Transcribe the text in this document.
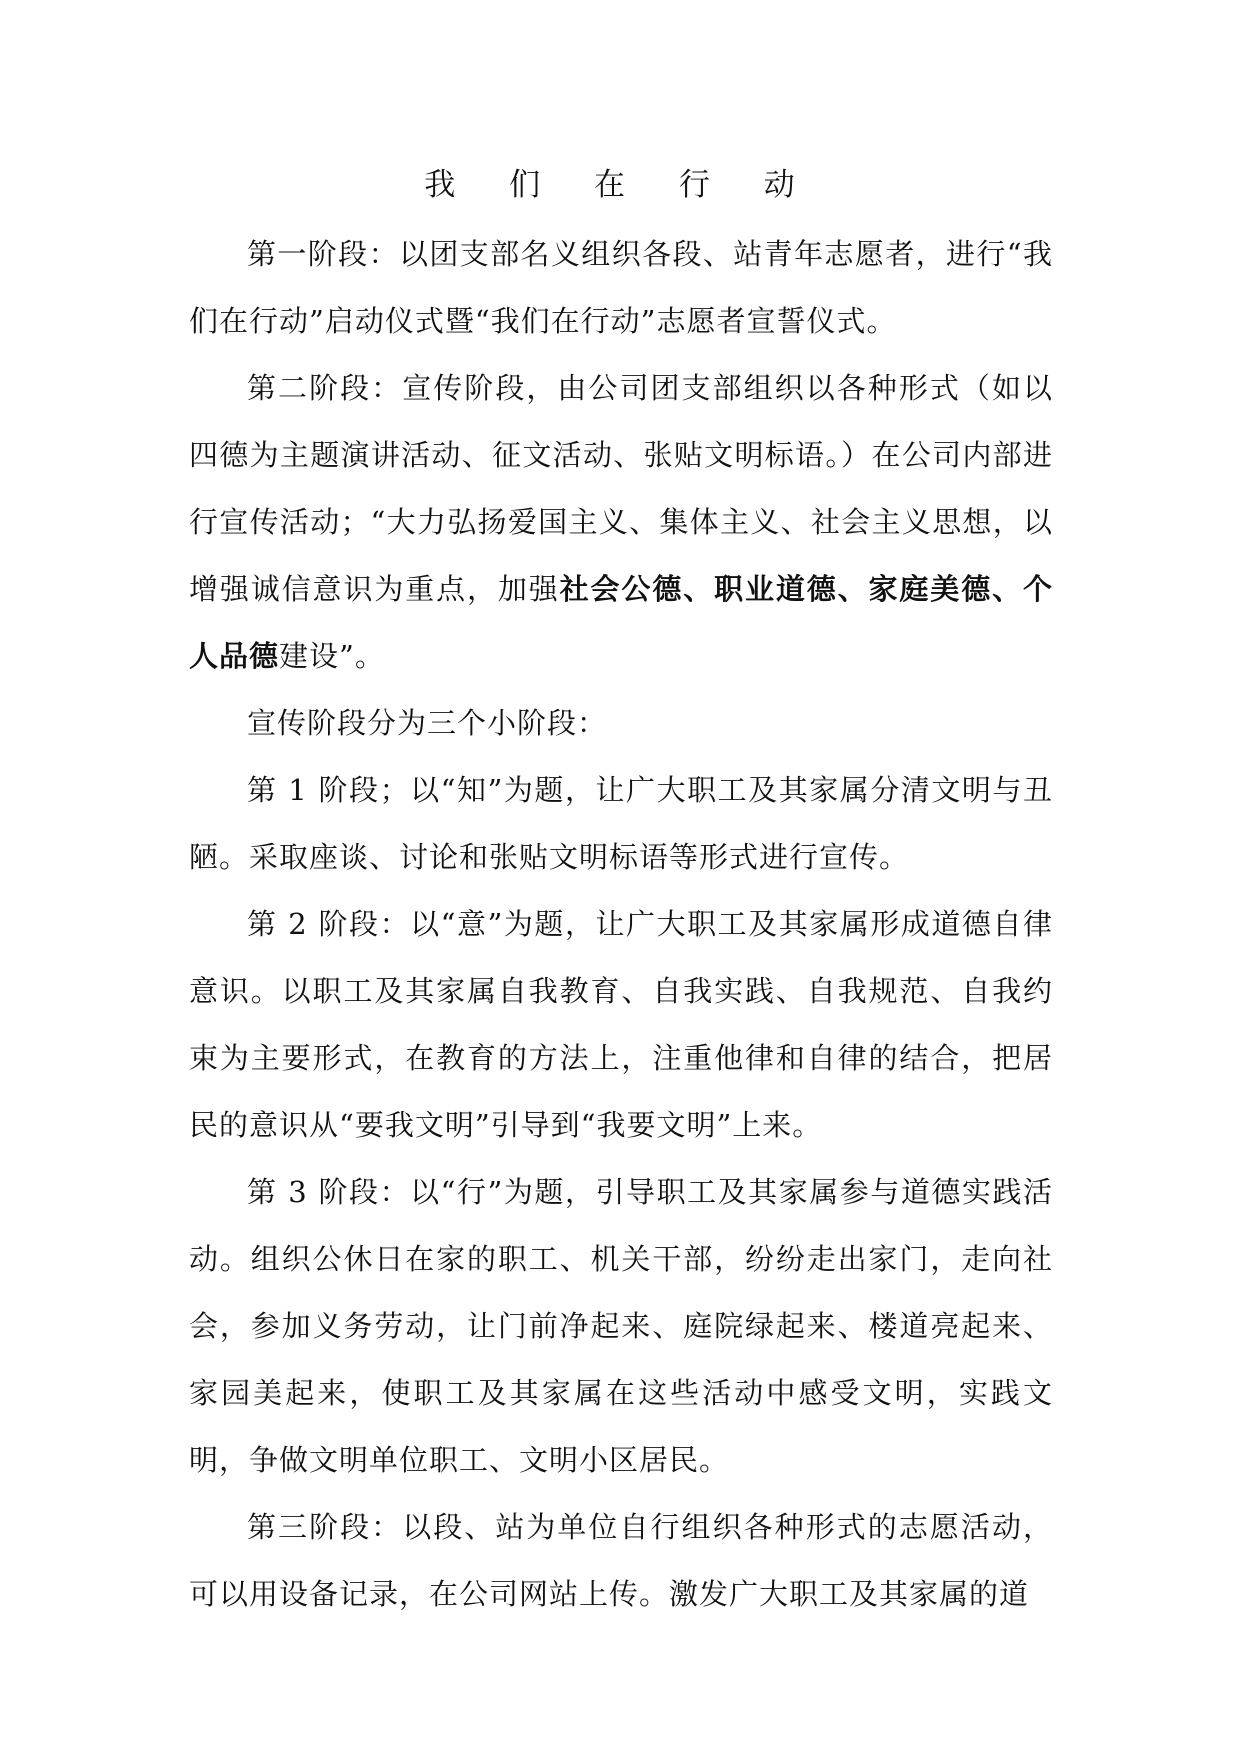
我 们 在 行 动

第一阶段：以团支部名义组织各段、站青年志愿者，进行“我们在行动”启动仪式暨“我们在行动”志愿者宣誓仪式。

第二阶段：宣传阶段，由公司团支部组织以各种形式（如以四德为主题演讲活动、征文活动、张贴文明标语。）在公司内部进行宣传活动；“大力弘扬爱国主义、集体主义、社会主义思想，以增强诚信意识为重点，加强社会公德、职业道德、家庭美德、个人品德建设”。

宣传阶段分为三个小阶段：

第 1 阶段；以“知”为题，让广大职工及其家属分清文明与丑陋。采取座谈、讨论和张贴文明标语等形式进行宣传。

第 2 阶段：以“意”为题，让广大职工及其家属形成道德自律意识。以职工及其家属自我教育、自我实践、自我规范、自我约束为主要形式，在教育的方法上，注重他律和自律的结合，把居民的意识从“要我文明”引导到“我要文明”上来。

第 3 阶段：以“行”为题，引导职工及其家属参与道德实践活动。组织公休日在家的职工、机关干部，纷纷走出家门，走向社会，参加义务劳动，让门前净起来、庭院绿起来、楼道亮起来、家园美起来，使职工及其家属在这些活动中感受文明，实践文明，争做文明单位职工、文明小区居民。

第三阶段：以段、站为单位自行组织各种形式的志愿活动，可以用设备记录，在公司网站上传。激发广大职工及其家属的道
